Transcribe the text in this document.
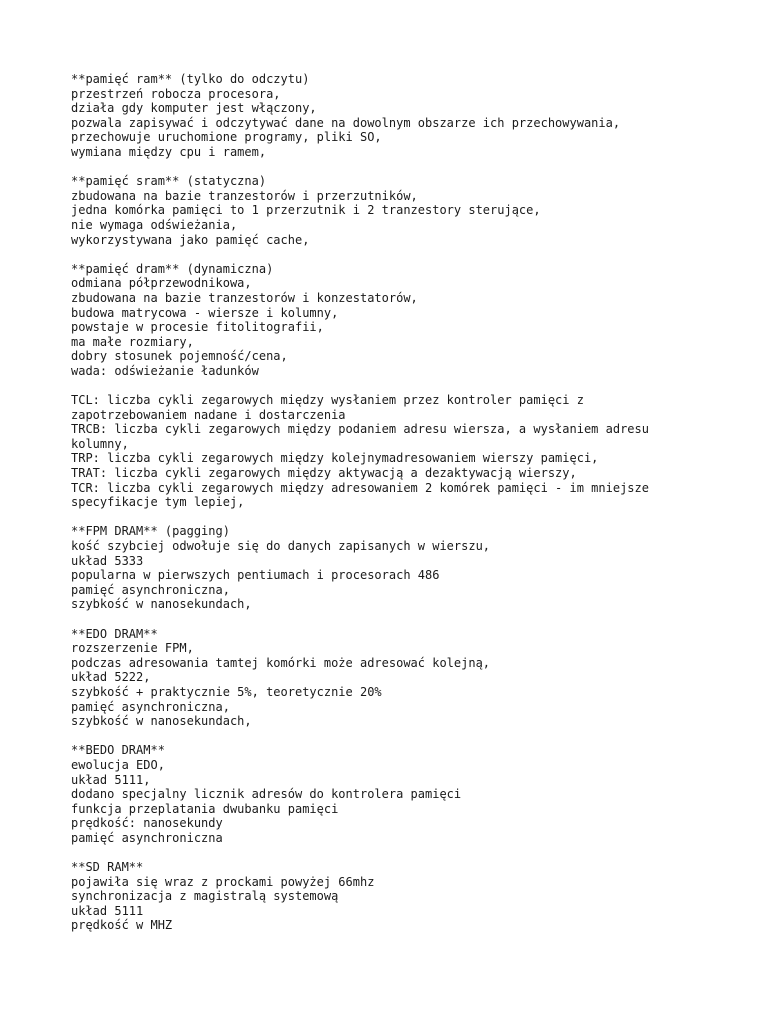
**pamięć ram** (tylko do odczytu)
przestrzeń robocza procesora,
działa gdy komputer jest włączony,
pozwala zapisywać i odczytywać dane na dowolnym obszarze ich przechowywania,
przechowuje uruchomione programy, pliki SO,
wymiana między cpu i ramem,
**pamięć sram** (statyczna)
zbudowana na bazie tranzestorów i przerzutników,
jedna komórka pamięci to 1 przerzutnik i 2 tranzestory sterujące,
nie wymaga odświeżania,
wykorzystywana jako pamięć cache,
**pamięć dram** (dynamiczna)
odmiana półprzewodnikowa,
zbudowana na bazie tranzestorów i konzestatorów,
budowa matrycowa - wiersze i kolumny,
powstaje w procesie fitolitografii,
ma małe rozmiary,
dobry stosunek pojemność/cena,
wada: odświeżanie ładunków
TCL: liczba cykli zegarowych między wysłaniem przez kontroler pamięci z
zapotrzebowaniem nadane i dostarczenia
TRCB: liczba cykli zegarowych między podaniem adresu wiersza, a wysłaniem adresu
kolumny,
TRP: liczba cykli zegarowych między kolejnymadresowaniem wierszy pamięci,
TRAT: liczba cykli zegarowych między aktywacją a dezaktywacją wierszy,
TCR: liczba cykli zegarowych między adresowaniem 2 komórek pamięci - im mniejsze
specyfikacje tym lepiej,
**FPM DRAM** (pagging)
kość szybciej odwołuje się do danych zapisanych w wierszu,
układ 5333
popularna w pierwszych pentiumach i procesorach 486
pamięć asynchroniczna,
szybkość w nanosekundach,
**EDO DRAM**
rozszerzenie FPM,
podczas adresowania tamtej komórki może adresować kolejną,
układ 5222,
szybkość + praktycznie 5%, teoretycznie 20%
pamięć asynchroniczna,
szybkość w nanosekundach,
**BEDO DRAM**
ewolucja EDO,
układ 5111,
dodano specjalny licznik adresów do kontrolera pamięci
funkcja przeplatania dwubanku pamięci
prędkość: nanosekundy
pamięć asynchroniczna
**SD RAM**
pojawiła się wraz z prockami powyżej 66mhz
synchronizacja z magistralą systemową
układ 5111
prędkość w MHZ
